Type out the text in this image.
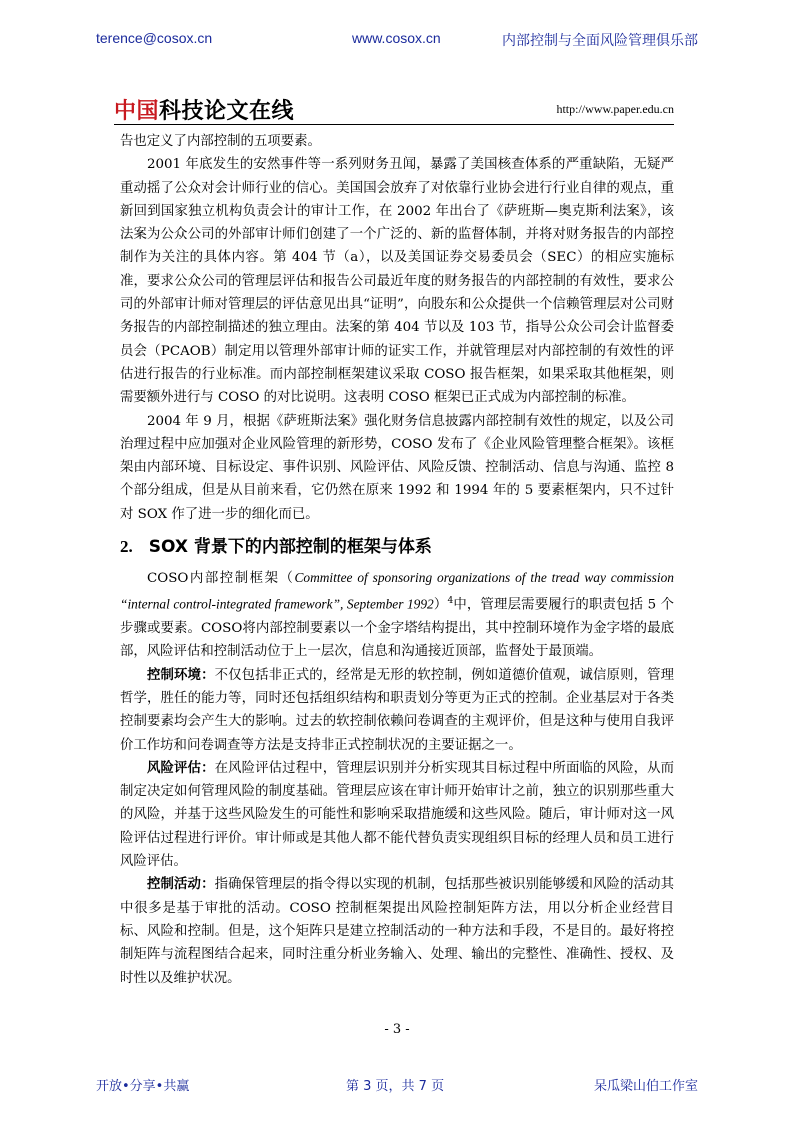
terence@cosox.cn	www.cosox.cn	内部控制与全面风险管理俱乐部
中国科技论文在线	http://www.paper.edu.cn

告也定义了内部控制的五项要素。

2001 年底发生的安然事件等一系列财务丑闻，暴露了美国核查体系的严重缺陷，无疑严重动摇了公众对会计师行业的信心。美国国会放弃了对依靠行业协会进行行业自律的观点，重新回到国家独立机构负责会计的审计工作，在 2002 年出台了《萨班斯—奥克斯利法案》，该法案为公众公司的外部审计师们创建了一个广泛的、新的监督体制，并将对财务报告的内部控制作为关注的具体内容。第 404 节（a），以及美国证券交易委员会（SEC）的相应实施标准，要求公众公司的管理层评估和报告公司最近年度的财务报告的内部控制的有效性，要求公司的外部审计师对管理层的评估意见出具“证明”，向股东和公众提供一个信赖管理层对公司财务报告的内部控制描述的独立理由。法案的第 404 节以及 103 节，指导公众公司会计监督委员会（PCAOB）制定用以管理外部审计师的证实工作，并就管理层对内部控制的有效性的评估进行报告的行业标准。而内部控制框架建议采取 COSO 报告框架，如果采取其他框架，则需要额外进行与 COSO 的对比说明。这表明 COSO 框架已正式成为内部控制的标准。

2004 年 9 月，根据《萨班斯法案》强化财务信息披露内部控制有效性的规定，以及公司治理过程中应加强对企业风险管理的新形势，COSO 发布了《企业风险管理整合框架》。该框架由内部环境、目标设定、事件识别、风险评估、风险反馈、控制活动、信息与沟通、监控 8 个部分组成，但是从目前来看，它仍然在原来 1992 和 1994 年的 5 要素框架内，只不过针对 SOX 作了进一步的细化而已。

2. SOX 背景下的内部控制的框架与体系

COSO内部控制框架（Committee of sponsoring organizations of the tread way commission “internal control-integrated framework”, September 1992）$^4$中，管理层需要履行的职责包括 5 个步骤或要素。COSO将内部控制要素以一个金字塔结构提出，其中控制环境作为金字塔的最底部，风险评估和控制活动位于上一层次，信息和沟通接近顶部，监督处于最顶端。

控制环境：不仅包括非正式的，经常是无形的软控制，例如道德价值观，诚信原则，管理哲学，胜任的能力等，同时还包括组织结构和职责划分等更为正式的控制。企业基层对于各类控制要素均会产生大的影响。过去的软控制依赖问卷调查的主观评价，但是这种与使用自我评价工作坊和问卷调查等方法是支持非正式控制状况的主要证据之一。

风险评估：在风险评估过程中，管理层识别并分析实现其目标过程中所面临的风险，从而制定决定如何管理风险的制度基础。管理层应该在审计师开始审计之前，独立的识别那些重大的风险，并基于这些风险发生的可能性和影响采取措施缓和这些风险。随后，审计师对这一风险评估过程进行评价。审计师或是其他人都不能代替负责实现组织目标的经理人员和员工进行风险评估。

控制活动：指确保管理层的指令得以实现的机制，包括那些被识别能够缓和风险的活动其中很多是基于审批的活动。COSO 控制框架提出风险控制矩阵方法，用以分析企业经营目标、风险和控制。但是，这个矩阵只是建立控制活动的一种方法和手段，不是目的。最好将控制矩阵与流程图结合起来，同时注重分析业务输入、处理、输出的完整性、准确性、授权、及时性以及维护状况。

- 3 -
开放•分享•共赢	第 3 页，共 7 页	呆瓜梁山伯工作室
